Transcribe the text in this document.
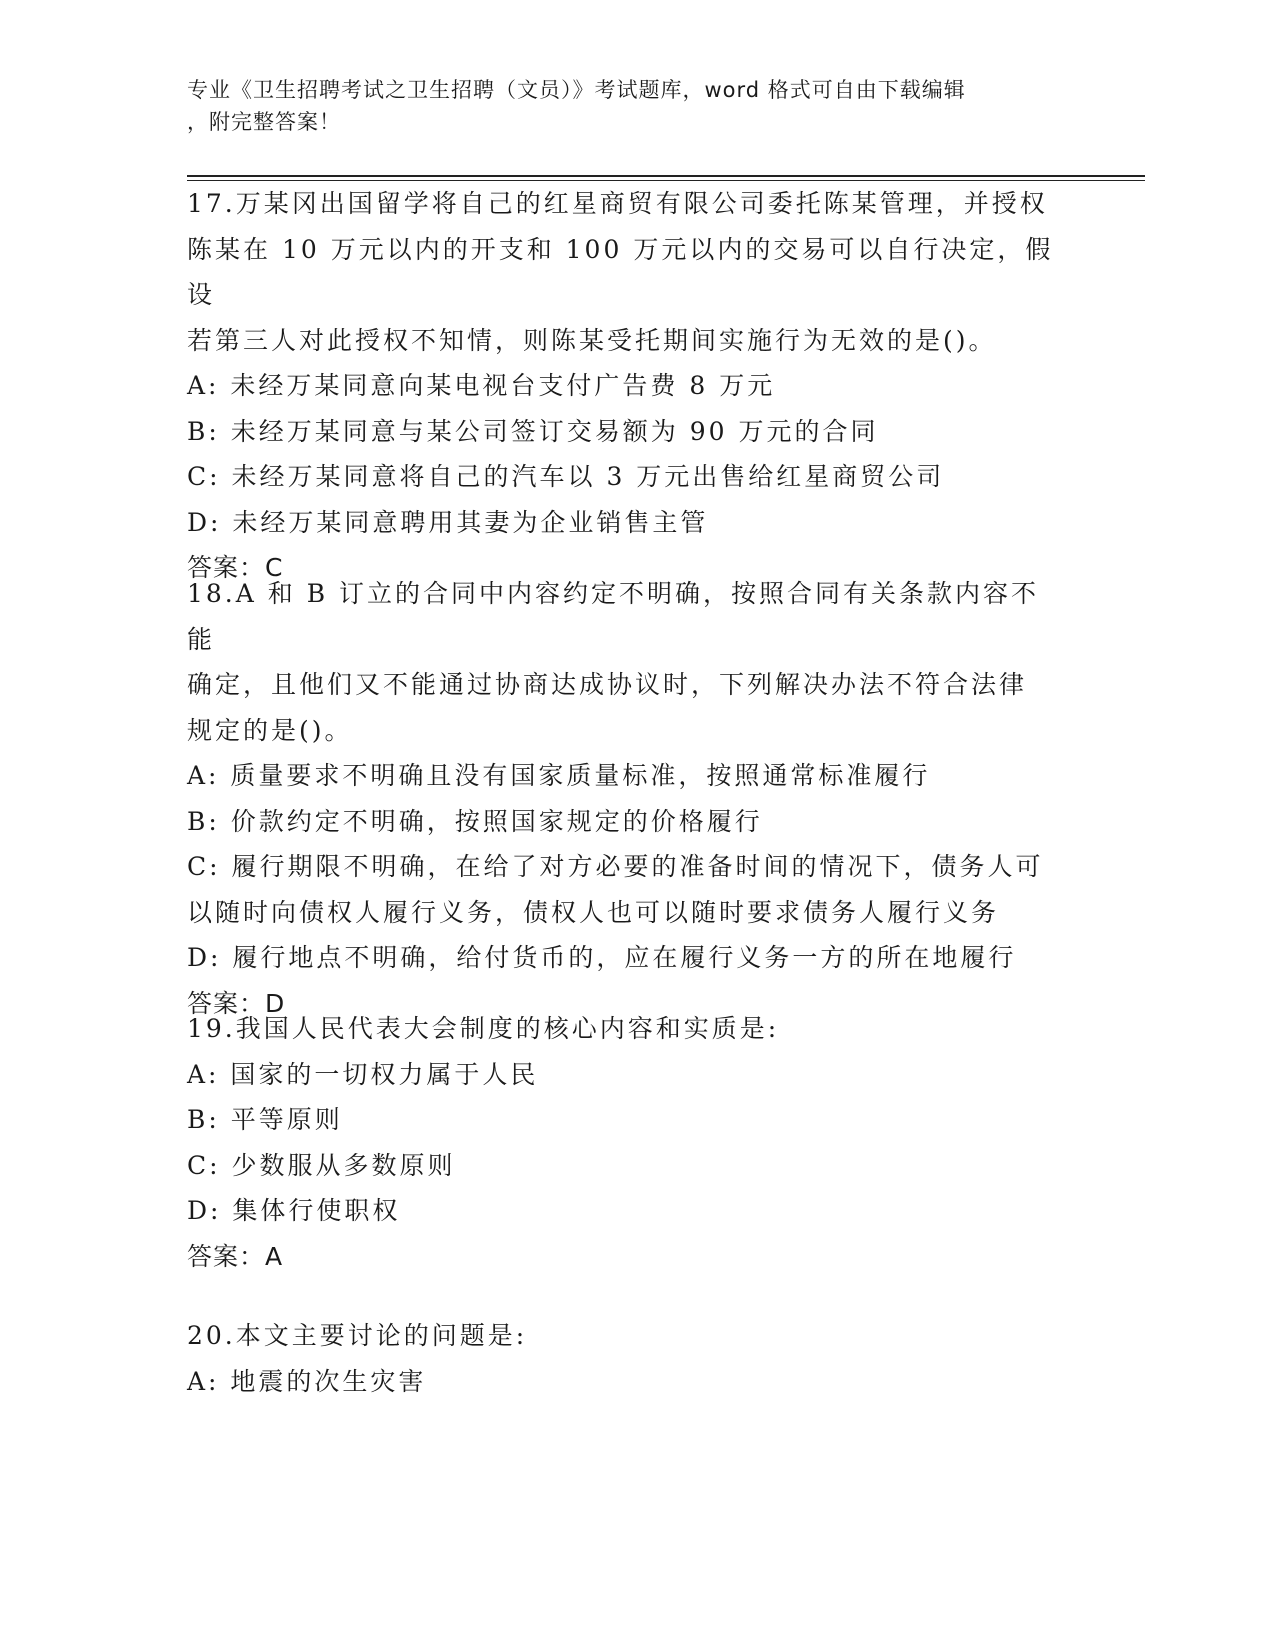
专业《卫生招聘考试之卫生招聘（文员）》考试题库，word 格式可自由下载编辑
，附完整答案！

17.万某冈出国留学将自己的红星商贸有限公司委托陈某管理，并授权

陈某在 10 万元以内的开支和 100 万元以内的交易可以自行决定，假设

若第三人对此授权不知情，则陈某受托期间实施行为无效的是()。

A: 未经万某同意向某电视台支付广告费 8 万元

B: 未经万某同意与某公司签订交易额为 90 万元的合同

C: 未经万某同意将自己的汽车以 3 万元出售给红星商贸公司

D: 未经万某同意聘用其妻为企业销售主管

答案：C

18.A 和 B 订立的合同中内容约定不明确，按照合同有关条款内容不能

确定，且他们又不能通过协商达成协议时，下列解决办法不符合法律

规定的是()。

A: 质量要求不明确且没有国家质量标准，按照通常标准履行

B: 价款约定不明确，按照国家规定的价格履行

C: 履行期限不明确，在给了对方必要的准备时间的情况下，债务人可

以随时向债权人履行义务，债权人也可以随时要求债务人履行义务

D: 履行地点不明确，给付货币的，应在履行义务一方的所在地履行

答案：D

19.我国人民代表大会制度的核心内容和实质是:

A: 国家的一切权力属于人民

B: 平等原则

C: 少数服从多数原则

D: 集体行使职权

答案：A

20.本文主要讨论的问题是:

A: 地震的次生灾害
